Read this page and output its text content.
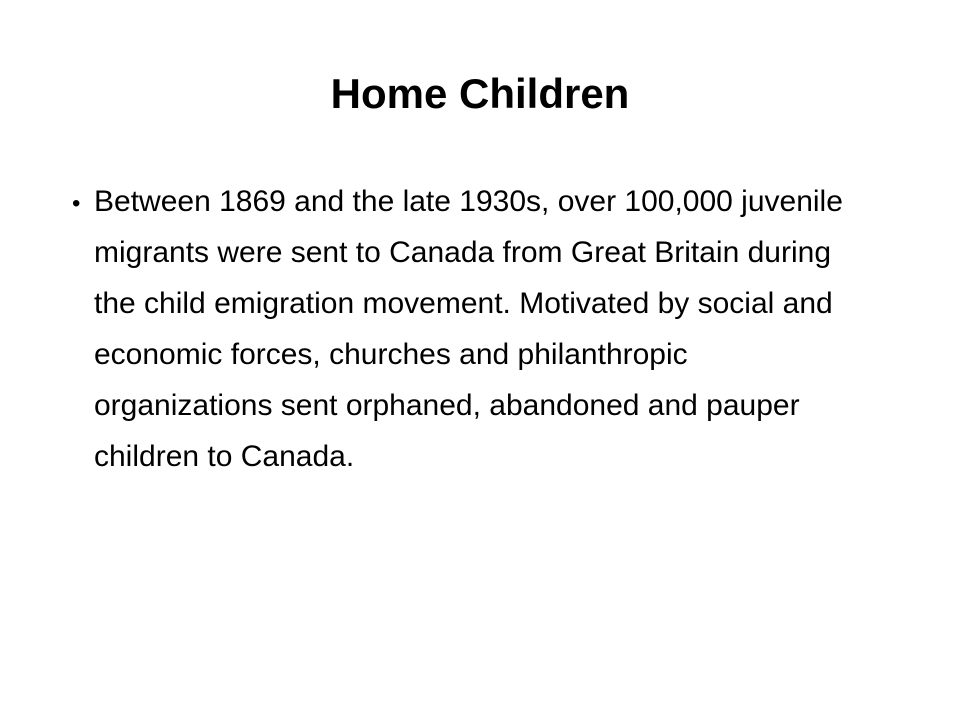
Home Children
• Between 1869 and the late 1930s, over 100,000 juvenile migrants were sent to Canada from Great Britain during the child emigration movement. Motivated by social and economic forces, churches and philanthropic organizations sent orphaned, abandoned and pauper children to Canada.
